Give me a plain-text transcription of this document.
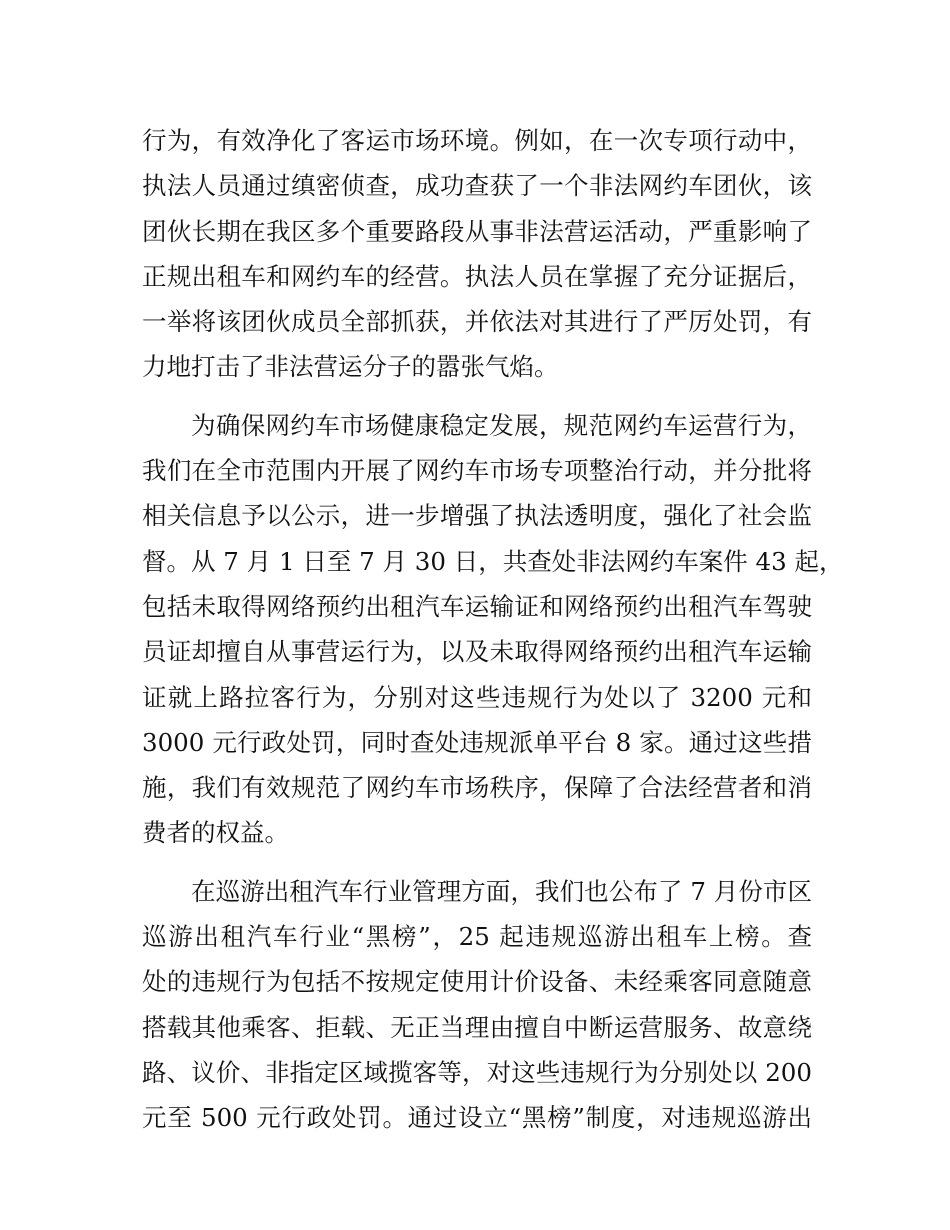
行为，有效净化了客运市场环境。例如，在一次专项行动中，
执法人员通过缜密侦查，成功查获了一个非法网约车团伙，该
团伙长期在我区多个重要路段从事非法营运活动，严重影响了
正规出租车和网约车的经营。执法人员在掌握了充分证据后，
一举将该团伙成员全部抓获，并依法对其进行了严厉处罚，有
力地打击了非法营运分子的嚣张气焰。
为确保网约车市场健康稳定发展，规范网约车运营行为，
我们在全市范围内开展了网约车市场专项整治行动，并分批将
相关信息予以公示，进一步增强了执法透明度，强化了社会监
督。从 7 月 1 日至 7 月 30 日，共查处非法网约车案件 43 起，
包括未取得网络预约出租汽车运输证和网络预约出租汽车驾驶
员证却擅自从事营运行为，以及未取得网络预约出租汽车运输
证就上路拉客行为，分别对这些违规行为处以了 3200 元和
3000 元行政处罚，同时查处违规派单平台 8 家。通过这些措
施，我们有效规范了网约车市场秩序，保障了合法经营者和消
费者的权益。
在巡游出租汽车行业管理方面，我们也公布了 7 月份市区
巡游出租汽车行业“黑榜”，25 起违规巡游出租车上榜。查
处的违规行为包括不按规定使用计价设备、未经乘客同意随意
搭载其他乘客、拒载、无正当理由擅自中断运营服务、故意绕
路、议价、非指定区域揽客等，对这些违规行为分别处以 200
元至 500 元行政处罚。通过设立“黑榜”制度，对违规巡游出
